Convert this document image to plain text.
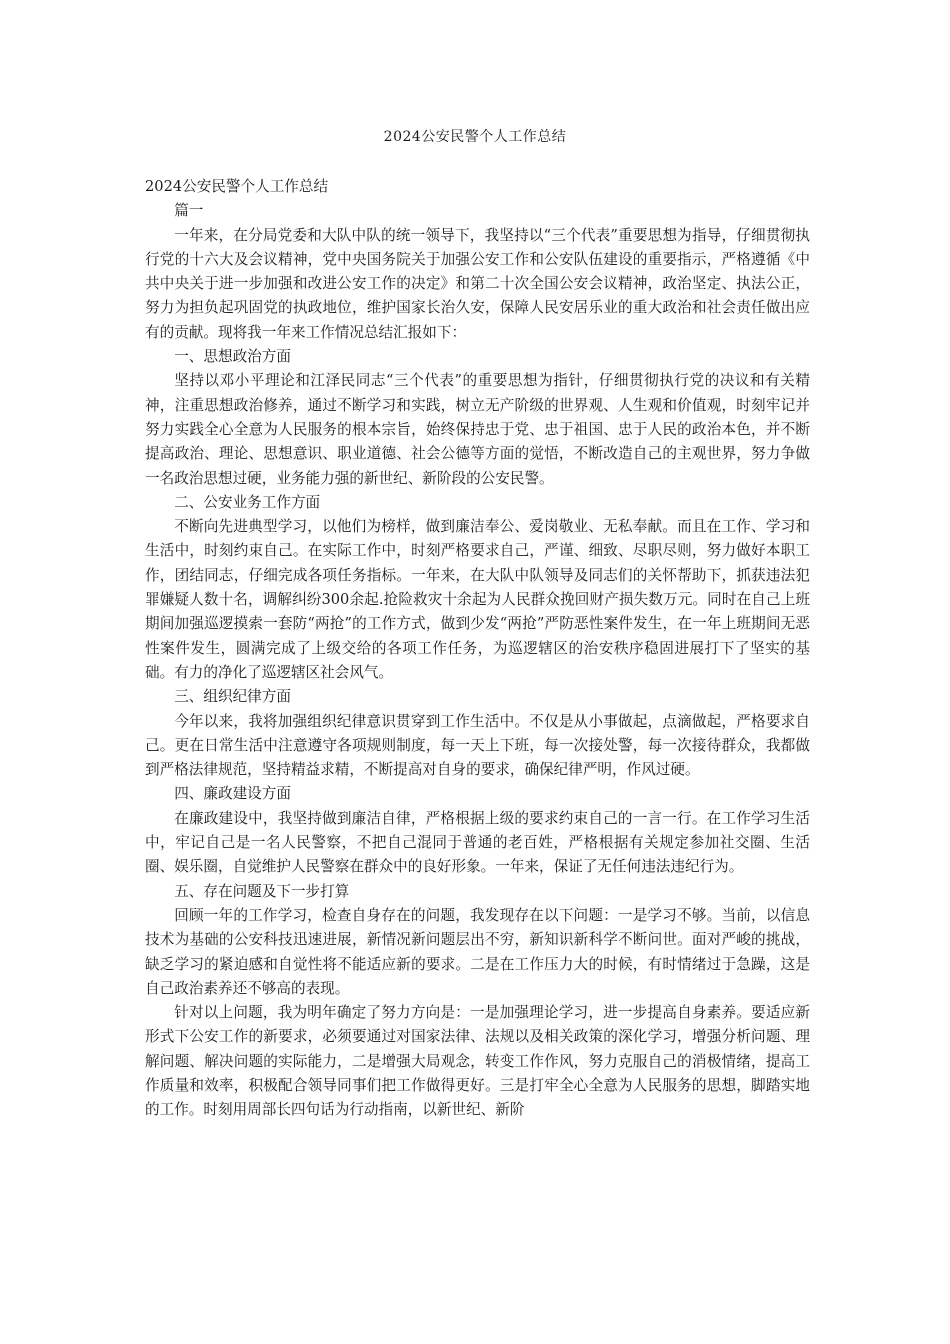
2024公安民警个人工作总结

2024公安民警个人工作总结

篇一

一年来，在分局党委和大队中队的统一领导下，我坚持以“三个代表”重要思想为指导，仔细贯彻执行党的十六大及会议精神，党中央国务院关于加强公安工作和公安队伍建设的重要指示，严格遵循《中共中央关于进一步加强和改进公安工作的决定》和第二十次全国公安会议精神，政治坚定、执法公正，努力为担负起巩固党的执政地位，维护国家长治久安，保障人民安居乐业的重大政治和社会责任做出应有的贡献。现将我一年来工作情况总结汇报如下：

一、思想政治方面

坚持以邓小平理论和江泽民同志“三个代表”的重要思想为指针，仔细贯彻执行党的决议和有关精神，注重思想政治修养，通过不断学习和实践，树立无产阶级的世界观、人生观和价值观，时刻牢记并努力实践全心全意为人民服务的根本宗旨，始终保持忠于党、忠于祖国、忠于人民的政治本色，并不断提高政治、理论、思想意识、职业道德、社会公德等方面的觉悟，不断改造自己的主观世界，努力争做一名政治思想过硬，业务能力强的新世纪、新阶段的公安民警。

二、公安业务工作方面

不断向先进典型学习，以他们为榜样，做到廉洁奉公、爱岗敬业、无私奉献。而且在工作、学习和生活中，时刻约束自己。在实际工作中，时刻严格要求自己，严谨、细致、尽职尽则，努力做好本职工作，团结同志，仔细完成各项任务指标。一年来，在大队中队领导及同志们的关怀帮助下，抓获违法犯罪嫌疑人数十名，调解纠纷300余起.抢险救灾十余起为人民群众挽回财产损失数万元。同时在自己上班期间加强巡逻摸索一套防“两抢”的工作方式，做到少发“两抢”严防恶性案件发生，在一年上班期间无恶性案件发生，圆满完成了上级交给的各项工作任务，为巡逻辖区的治安秩序稳固进展打下了坚实的基础。有力的净化了巡逻辖区社会风气。

三、组织纪律方面

今年以来，我将加强组织纪律意识贯穿到工作生活中。不仅是从小事做起，点滴做起，严格要求自己。更在日常生活中注意遵守各项规则制度，每一天上下班，每一次接处警，每一次接待群众，我都做到严格法律规范，坚持精益求精，不断提高对自身的要求，确保纪律严明，作风过硬。

四、廉政建设方面

在廉政建设中，我坚持做到廉洁自律，严格根据上级的要求约束自己的一言一行。在工作学习生活中，牢记自己是一名人民警察，不把自己混同于普通的老百姓，严格根据有关规定参加社交圈、生活圈、娱乐圈，自觉维护人民警察在群众中的良好形象。一年来，保证了无任何违法违纪行为。

五、存在问题及下一步打算

回顾一年的工作学习，检查自身存在的问题，我发现存在以下问题：一是学习不够。当前，以信息技术为基础的公安科技迅速进展，新情况新问题层出不穷，新知识新科学不断问世。面对严峻的挑战，缺乏学习的紧迫感和自觉性将不能适应新的要求。二是在工作压力大的时候，有时情绪过于急躁，这是自己政治素养还不够高的表现。

针对以上问题，我为明年确定了努力方向是：一是加强理论学习，进一步提高自身素养。要适应新形式下公安工作的新要求，必须要通过对国家法律、法规以及相关政策的深化学习，增强分析问题、理解问题、解决问题的实际能力，二是增强大局观念，转变工作作风，努力克服自己的消极情绪，提高工作质量和效率，积极配合领导同事们把工作做得更好。三是打牢全心全意为人民服务的思想，脚踏实地的工作。时刻用周部长四句话为行动指南，以新世纪、新阶
